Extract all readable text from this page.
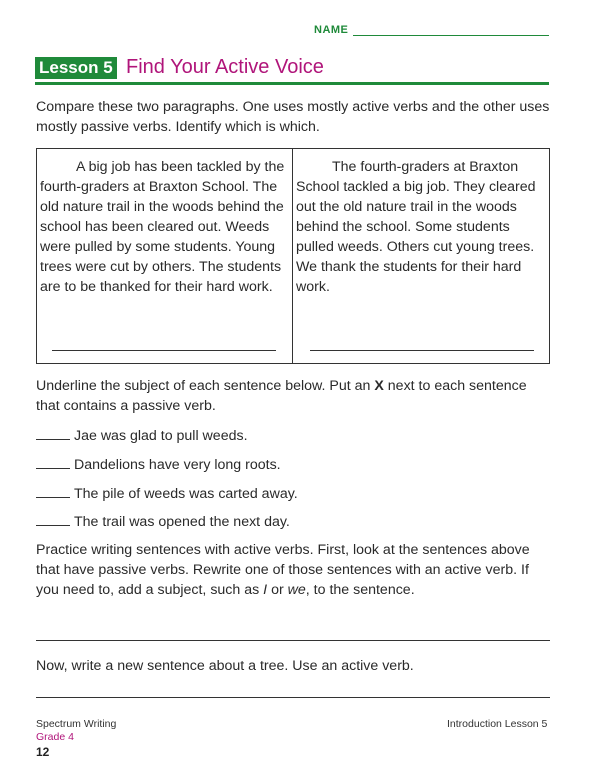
NAME
Lesson 5 Find Your Active Voice
Compare these two paragraphs. One uses mostly active verbs and the other uses mostly passive verbs. Identify which is which.
A big job has been tackled by the fourth-graders at Braxton School. The old nature trail in the woods behind the school has been cleared out. Weeds were pulled by some students. Young trees were cut by others. The students are to be thanked for their hard work.
The fourth-graders at Braxton School tackled a big job. They cleared out the old nature trail in the woods behind the school. Some students pulled weeds. Others cut young trees. We thank the students for their hard work.
Underline the subject of each sentence below. Put an X next to each sentence that contains a passive verb.
Jae was glad to pull weeds.
Dandelions have very long roots.
The pile of weeds was carted away.
The trail was opened the next day.
Practice writing sentences with active verbs. First, look at the sentences above that have passive verbs. Rewrite one of those sentences with an active verb. If you need to, add a subject, such as I or we, to the sentence.
Now, write a new sentence about a tree. Use an active verb.
Spectrum Writing
Grade 4
12
Introduction Lesson 5
